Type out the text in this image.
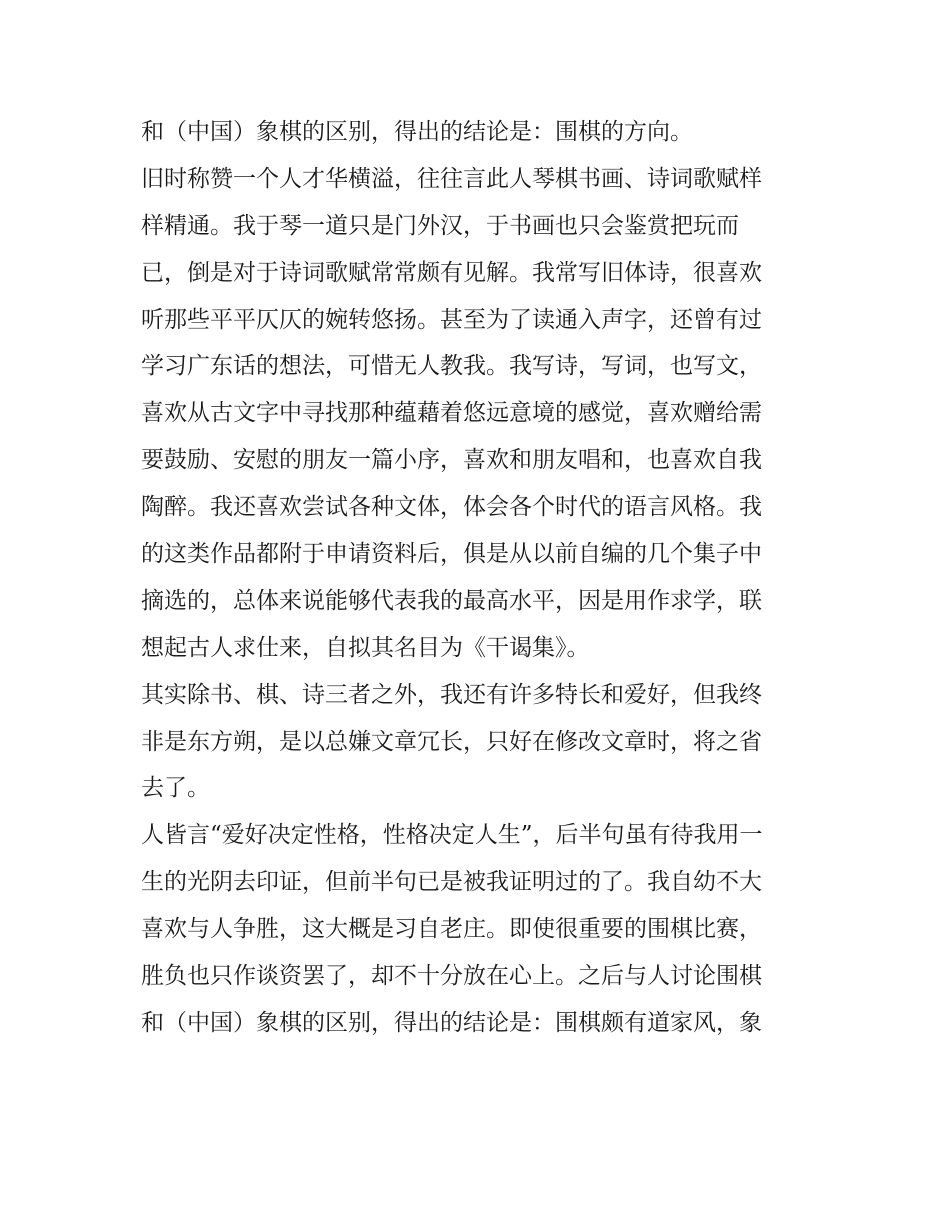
和（中国）象棋的区别，得出的结论是：围棋的方向。
旧时称赞一个人才华横溢，往往言此人琴棋书画、诗词歌赋样
样精通。我于琴一道只是门外汉，于书画也只会鉴赏把玩而
已，倒是对于诗词歌赋常常颇有见解。我常写旧体诗，很喜欢
听那些平平仄仄的婉转悠扬。甚至为了读通入声字，还曾有过
学习广东话的想法，可惜无人教我。我写诗，写词，也写文，
喜欢从古文字中寻找那种蕴藉着悠远意境的感觉，喜欢赠给需
要鼓励、安慰的朋友一篇小序，喜欢和朋友唱和，也喜欢自我
陶醉。我还喜欢尝试各种文体，体会各个时代的语言风格。我
的这类作品都附于申请资料后，俱是从以前自编的几个集子中
摘选的，总体来说能够代表我的最高水平，因是用作求学，联
想起古人求仕来，自拟其名目为《干谒集》。
其实除书、棋、诗三者之外，我还有许多特长和爱好，但我终
非是东方朔，是以总嫌文章冗长，只好在修改文章时，将之省
去了。
人皆言“爱好决定性格，性格决定人生”，后半句虽有待我用一
生的光阴去印证，但前半句已是被我证明过的了。我自幼不大
喜欢与人争胜，这大概是习自老庄。即使很重要的围棋比赛，
胜负也只作谈资罢了，却不十分放在心上。之后与人讨论围棋
和（中国）象棋的区别，得出的结论是：围棋颇有道家风，象
